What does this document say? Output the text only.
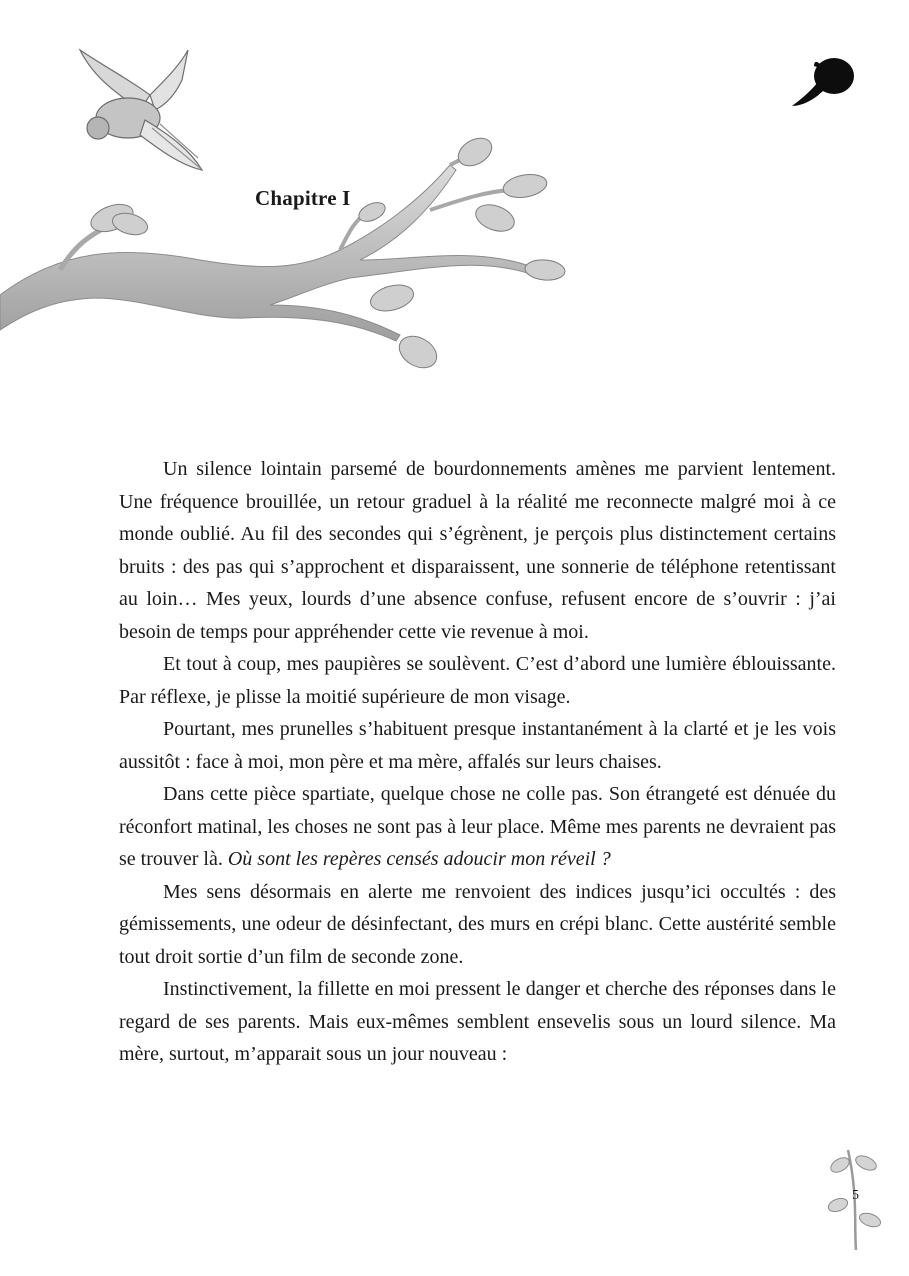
Chapitre I

Un silence lointain parsemé de bourdonnements amènes me parvient lentement. Une fréquence brouillée, un retour graduel à la réalité me reconnecte malgré moi à ce monde oublié. Au fil des secondes qui s’égrènent, je perçois plus distinctement certains bruits : des pas qui s’approchent et disparaissent, une sonnerie de téléphone retentissant au loin… Mes yeux, lourds d’une absence confuse, refusent encore de s’ouvrir : j’ai besoin de temps pour appréhender cette vie revenue à moi.

Et tout à coup, mes paupières se soulèvent. C’est d’abord une lumière éblouissante. Par réflexe, je plisse la moitié supérieure de mon visage.

Pourtant, mes prunelles s’habituent presque instantanément à la clarté et je les vois aussitôt : face à moi, mon père et ma mère, affalés sur leurs chaises.

Dans cette pièce spartiate, quelque chose ne colle pas. Son étrangeté est dénuée du réconfort matinal, les choses ne sont pas à leur place. Même mes parents ne devraient pas se trouver là. Où sont les repères censés adoucir mon réveil ?

Mes sens désormais en alerte me renvoient des indices jusqu’ici occultés : des gémissements, une odeur de désinfectant, des murs en crépi blanc. Cette austérité semble tout droit sortie d’un film de seconde zone.

Instinctivement, la fillette en moi pressent le danger et cherche des réponses dans le regard de ses parents. Mais eux-mêmes semblent ensevelis sous un lourd silence. Ma mère, surtout, m’apparait sous un jour nouveau :

5
